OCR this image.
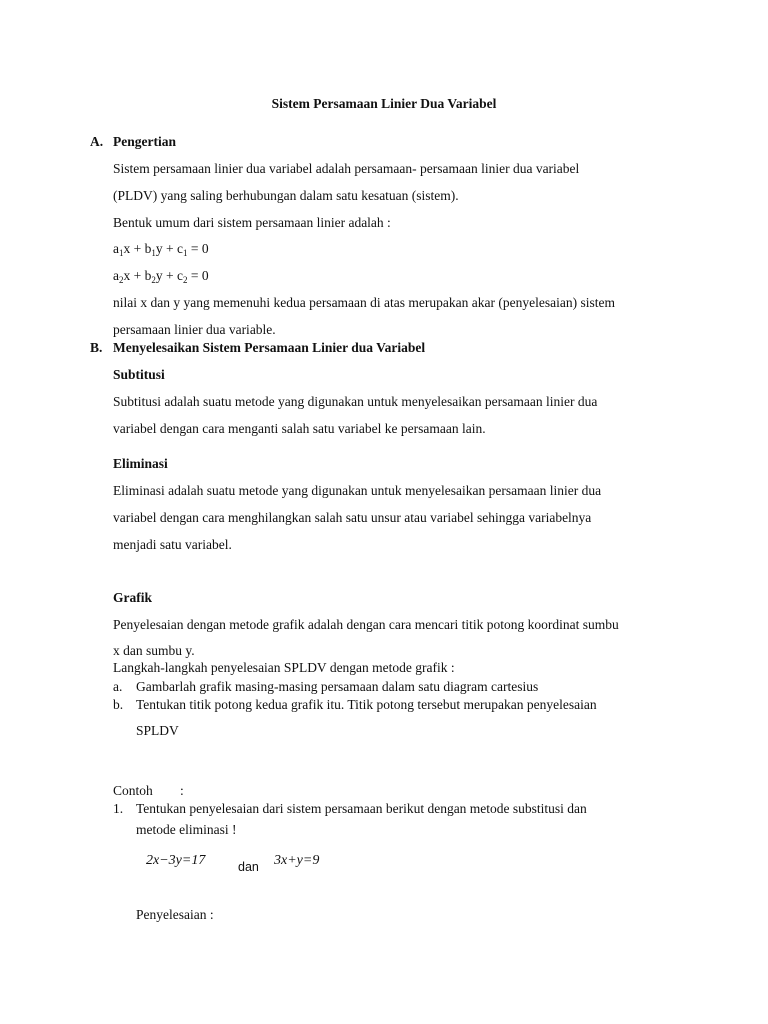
Sistem Persamaan Linier Dua Variabel
A. Pengertian
Sistem persamaan linier dua variabel adalah persamaan- persamaan linier dua variabel
(PLDV) yang saling berhubungan dalam satu kesatuan (sistem).
Bentuk umum dari sistem persamaan linier adalah :
$a_1x + b_1y + c_1 = 0$
$a_2x + b_2y + c_2 = 0$
nilai x dan y yang memenuhi kedua persamaan di atas merupakan akar (penyelesaian) sistem
persamaan linier dua variable.
B. Menyelesaikan Sistem Persamaan Linier dua Variabel
Subtitusi
Subtitusi adalah suatu metode yang digunakan untuk menyelesaikan persamaan linier dua
variabel dengan cara menganti salah satu variabel ke persamaan lain.
Eliminasi
Eliminasi adalah suatu metode yang digunakan untuk menyelesaikan persamaan linier dua
variabel dengan cara menghilangkan salah satu unsur atau variabel sehingga variabelnya
menjadi satu variabel.
Grafik
Penyelesaian dengan metode grafik adalah dengan cara mencari titik potong koordinat sumbu
x dan sumbu y.
Langkah-langkah penyelesaian SPLDV dengan metode grafik :
a. Gambarlah grafik masing-masing persamaan dalam satu diagram cartesius
b. Tentukan titik potong kedua grafik itu. Titik potong tersebut merupakan penyelesaian
SPLDV
Contoh :
1. Tentukan penyelesaian dari sistem persamaan berikut dengan metode substitusi dan
metode eliminasi !
2x−3y=17	dan 3x+y=9
Penyelesaian :
